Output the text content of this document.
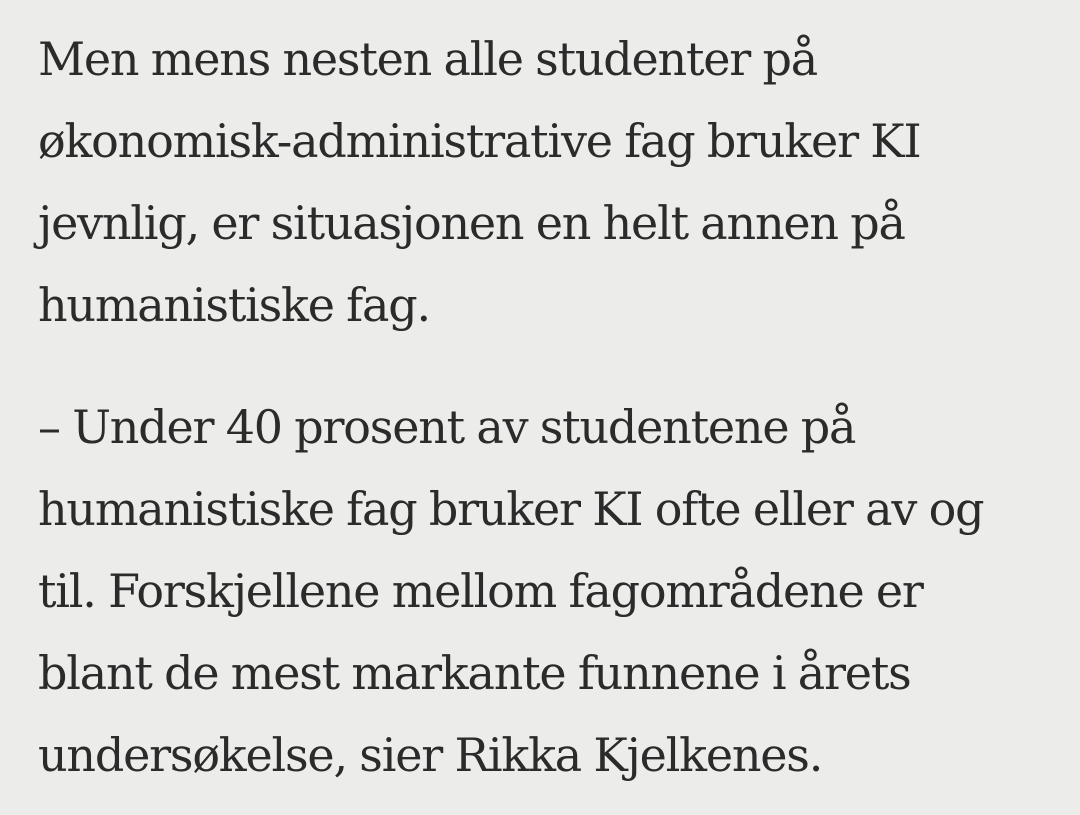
Men mens nesten alle studenter på
økonomisk-administrative fag bruker KI
jevnlig, er situasjonen en helt annen på
humanistiske fag.

– Under 40 prosent av studentene på
humanistiske fag bruker KI ofte eller av og
til. Forskjellene mellom fagområdene er
blant de mest markante funnene i årets
undersøkelse, sier Rikka Kjelkenes.
